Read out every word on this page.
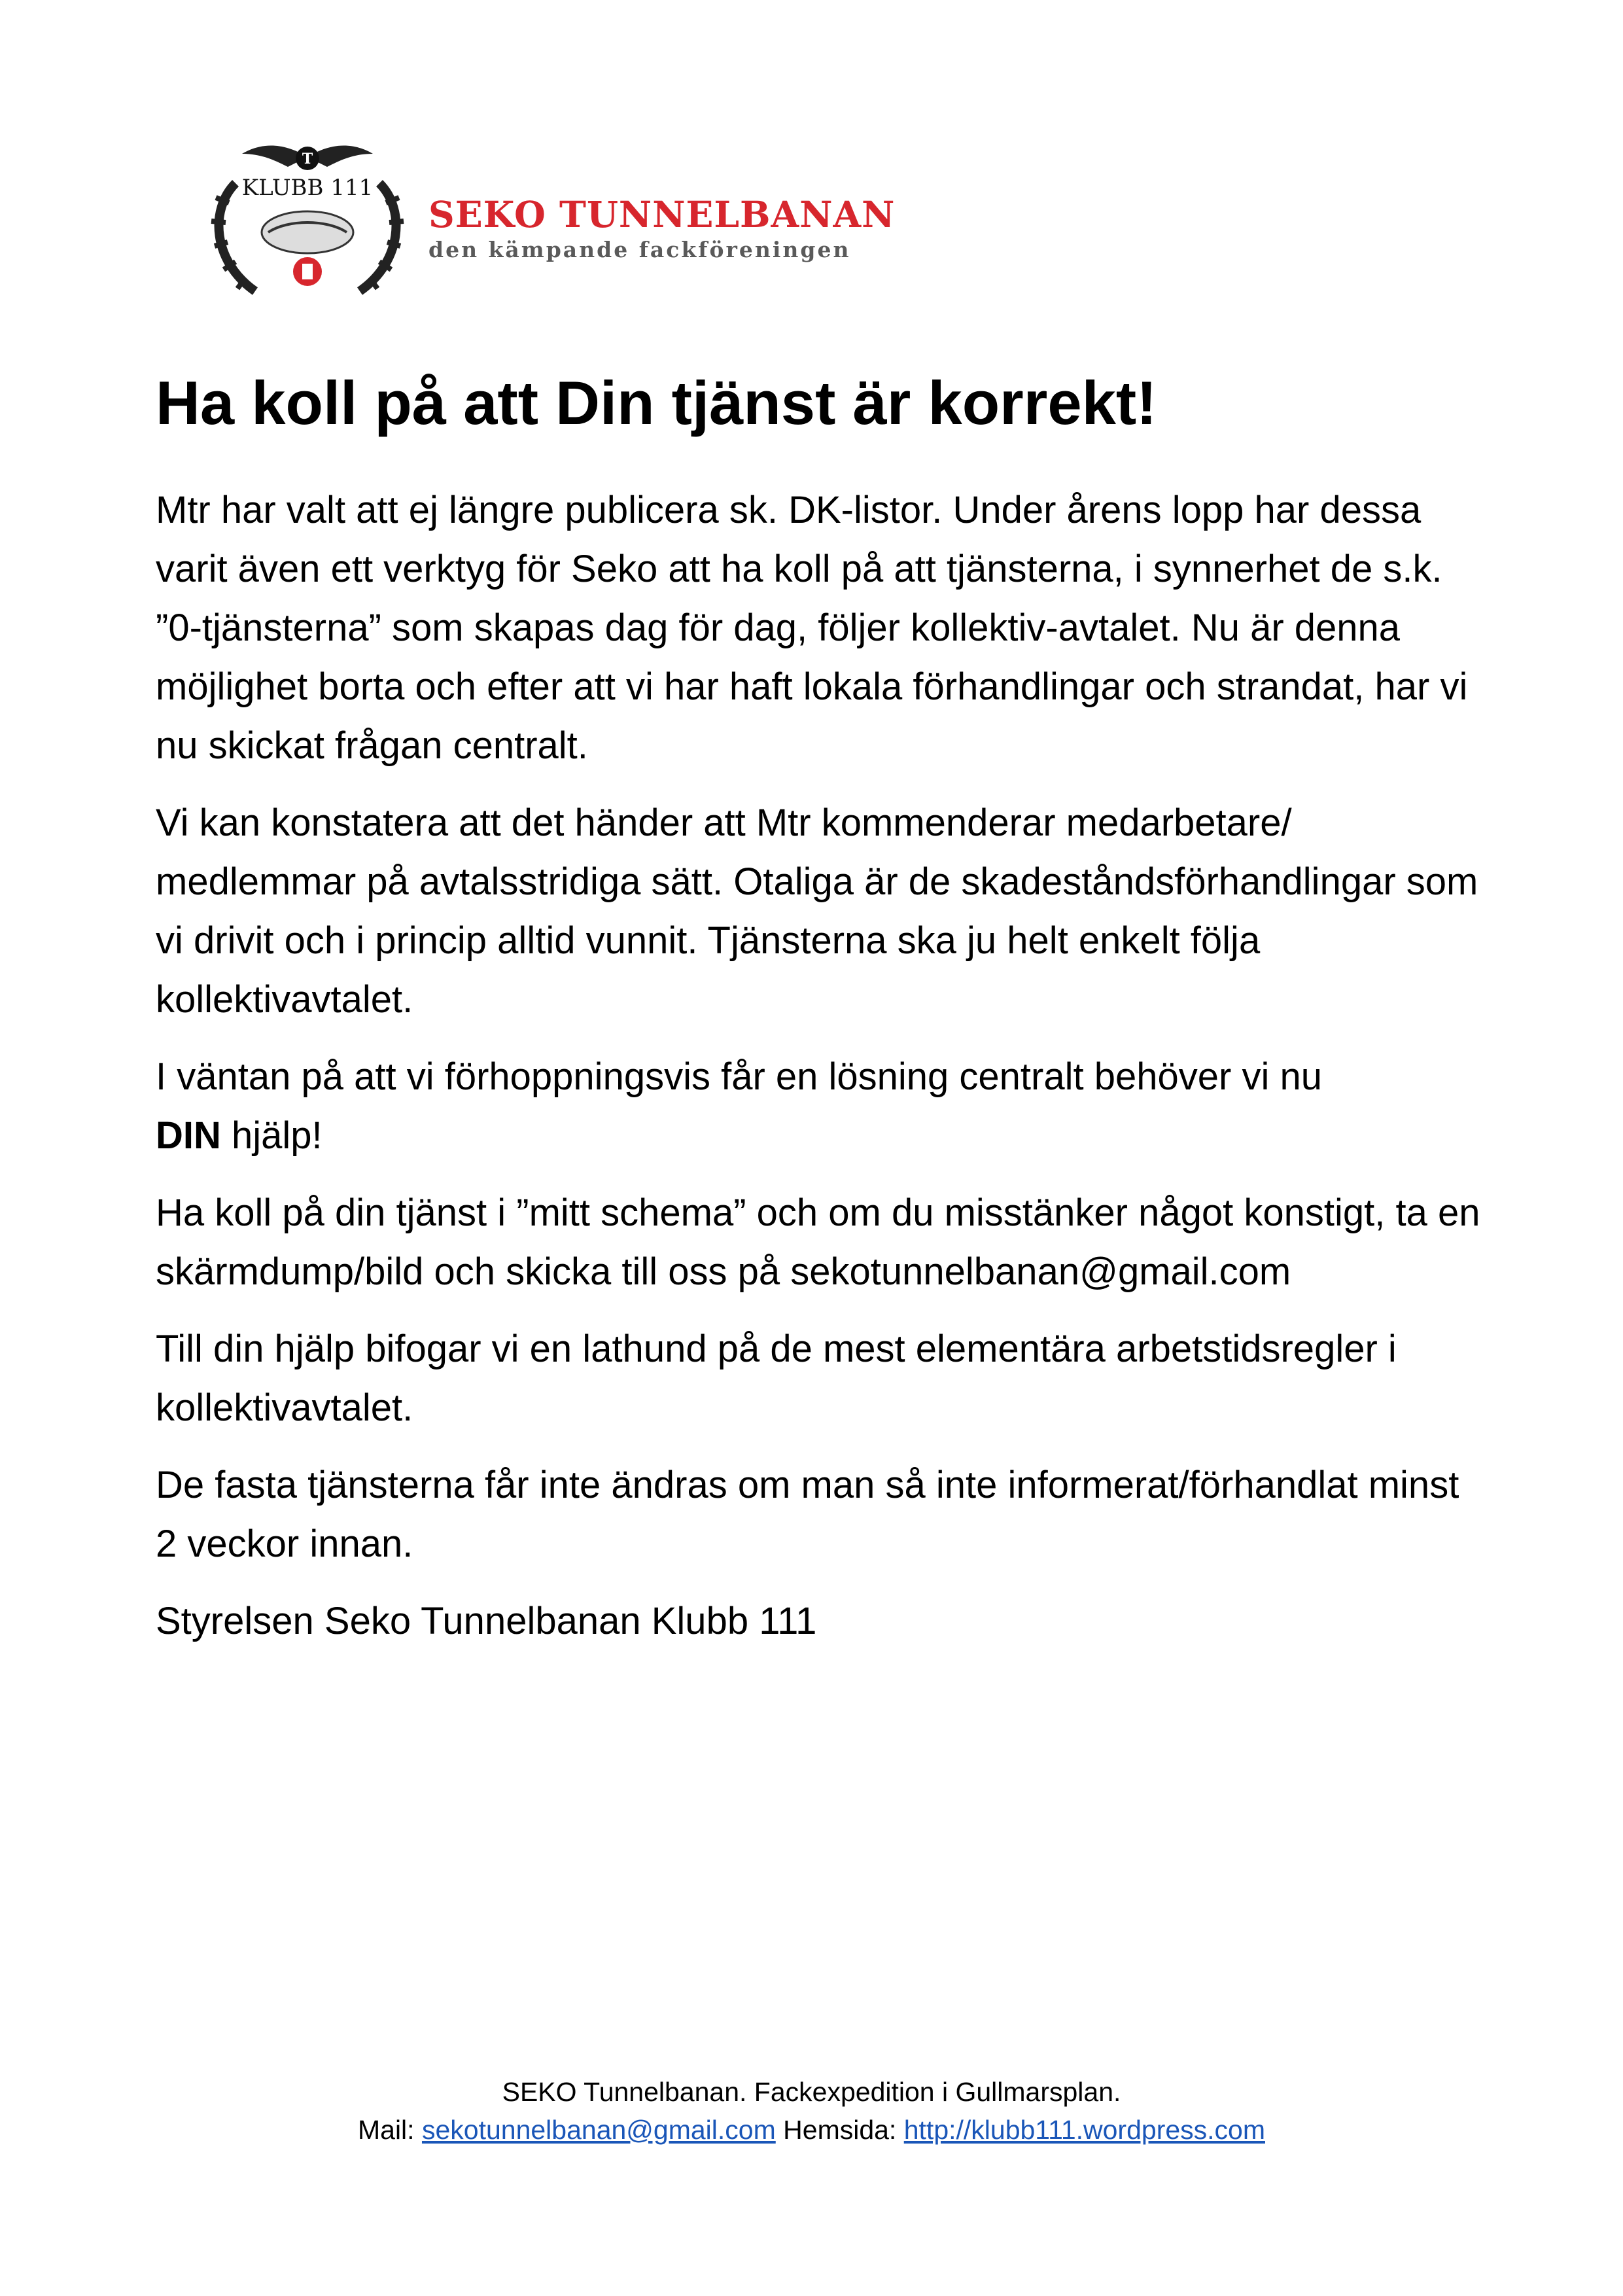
T
KLUBB 111
SEKO TUNNELBANAN
den kämpande fackföreningen
Ha koll på att Din tjänst är korrekt!

Mtr har valt att ej längre publicera sk. DK-listor. Under årens lopp har dessa varit även ett verktyg för Seko att ha koll på att tjänsterna, i synnerhet de s.k. ”0-tjänsterna” som skapas dag för dag, följer kollektiv-avtalet. Nu är denna möjlighet borta och efter att vi har haft lokala förhandlingar och strandat, har vi nu skickat frågan centralt.

Vi kan konstatera att det händer att Mtr kommenderar medarbetare/ medlemmar på avtalsstridiga sätt. Otaliga är de skadeståndsförhandlingar som vi drivit och i princip alltid vunnit. Tjänsterna ska ju helt enkelt följa kollektivavtalet.

I väntan på att vi förhoppningsvis får en lösning centralt behöver vi nu
DIN hjälp!

Ha koll på din tjänst i ”mitt schema” och om du misstänker något konstigt, ta en skärmdump/bild och skicka till oss på sekotunnelbanan@gmail.com

Till din hjälp bifogar vi en lathund på de mest elementära arbetstidsregler i kollektivavtalet.

De fasta tjänsterna får inte ändras om man så inte informerat/förhandlat minst 2 veckor innan.

Styrelsen Seko Tunnelbanan Klubb 111

SEKO Tunnelbanan. Fackexpedition i Gullmarsplan.
Mail: sekotunnelbanan@gmail.com Hemsida: http://klubb111.wordpress.com
